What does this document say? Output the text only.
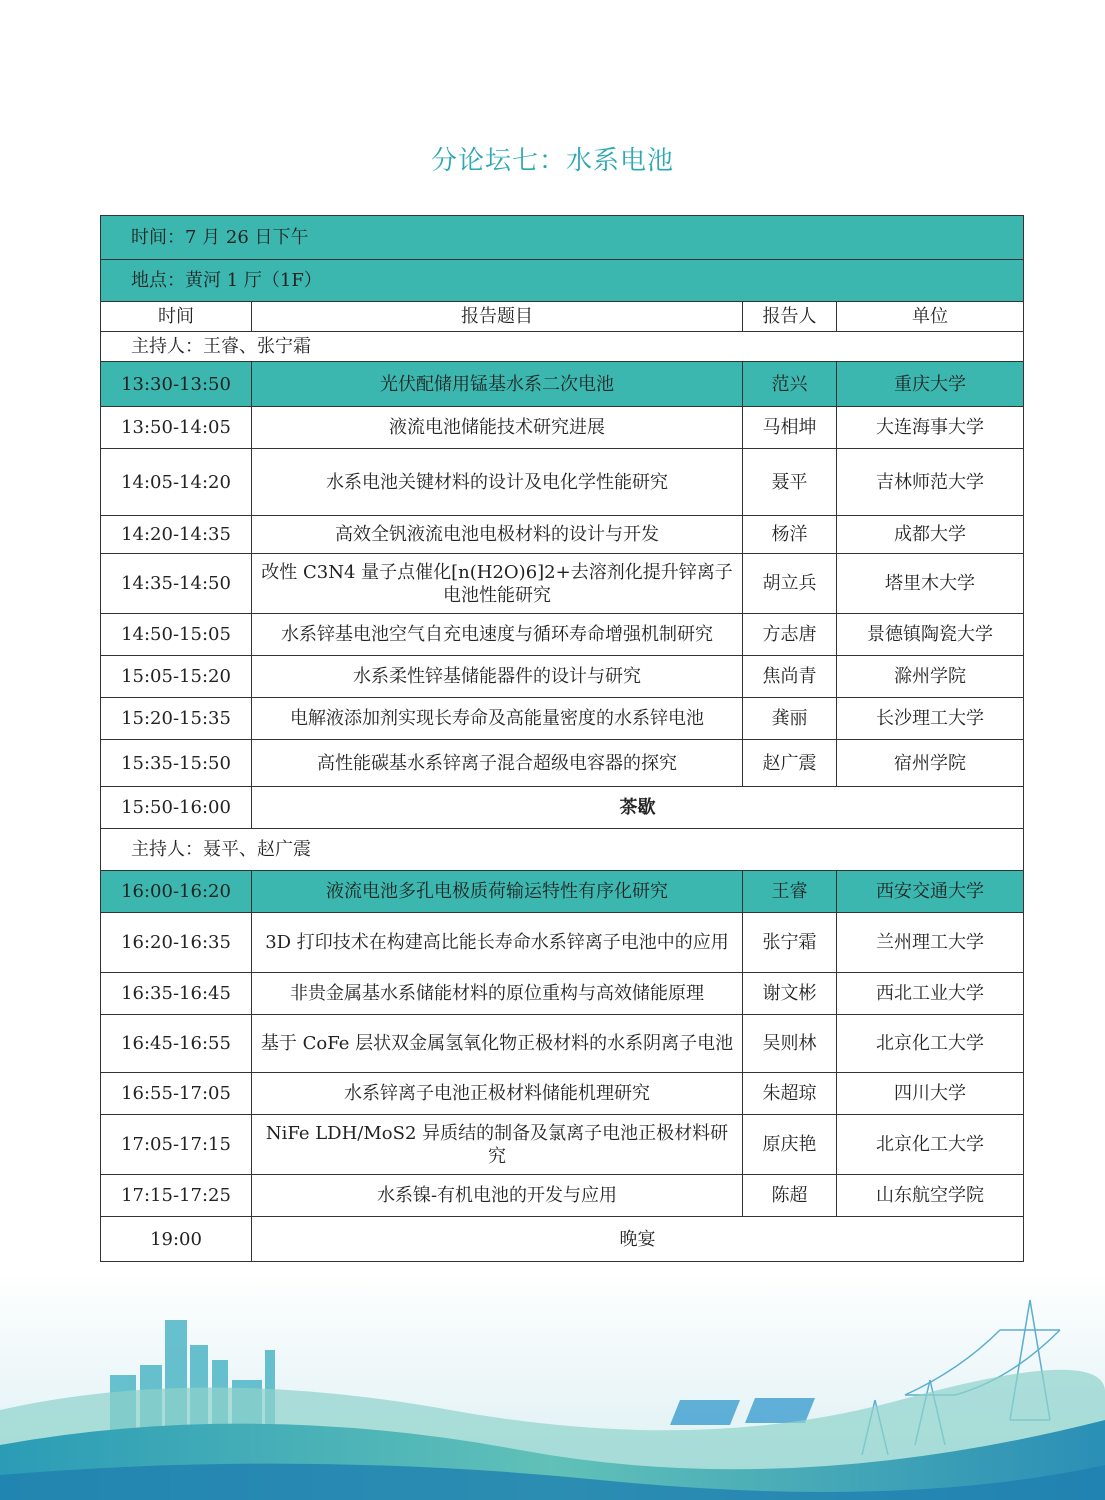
分论坛七：水系电池
时间：7 月 26 日下午			
地点：黄河 1 厅（1F）			
时间	报告题目	报告人	单位
主持人：王睿、张宁霜			
13:30-13:50	光伏配储用锰基水系二次电池	范兴	重庆大学
13:50-14:05	液流电池储能技术研究进展	马相坤	大连海事大学
14:05-14:20	水系电池关键材料的设计及电化学性能研究	聂平	吉林师范大学
14:20-14:35	高效全钒液流电池电极材料的设计与开发	杨洋	成都大学
14:35-14:50	改性 C3N4 量子点催化[n(H2O)6]2+去溶剂化提升锌离子电池性能研究	胡立兵	塔里木大学
14:50-15:05	水系锌基电池空气自充电速度与循环寿命增强机制研究	方志唐	景德镇陶瓷大学
15:05-15:20	水系柔性锌基储能器件的设计与研究	焦尚青	滁州学院
15:20-15:35	电解液添加剂实现长寿命及高能量密度的水系锌电池	龚丽	长沙理工大学
15:35-15:50	高性能碳基水系锌离子混合超级电容器的探究	赵广震	宿州学院
15:50-16:00	茶歇		
主持人：聂平、赵广震			
16:00-16:20	液流电池多孔电极质荷输运特性有序化研究	王睿	西安交通大学
16:20-16:35	3D 打印技术在构建高比能长寿命水系锌离子电池中的应用	张宁霜	兰州理工大学
16:35-16:45	非贵金属基水系储能材料的原位重构与高效储能原理	谢文彬	西北工业大学
16:45-16:55	基于 CoFe 层状双金属氢氧化物正极材料的水系阴离子电池	吴则林	北京化工大学
16:55-17:05	水系锌离子电池正极材料储能机理研究	朱超琼	四川大学
17:05-17:15	NiFe LDH/MoS2 异质结的制备及氯离子电池正极材料研究	原庆艳	北京化工大学
17:15-17:25	水系镍-有机电池的开发与应用	陈超	山东航空学院
19:00	晚宴		
